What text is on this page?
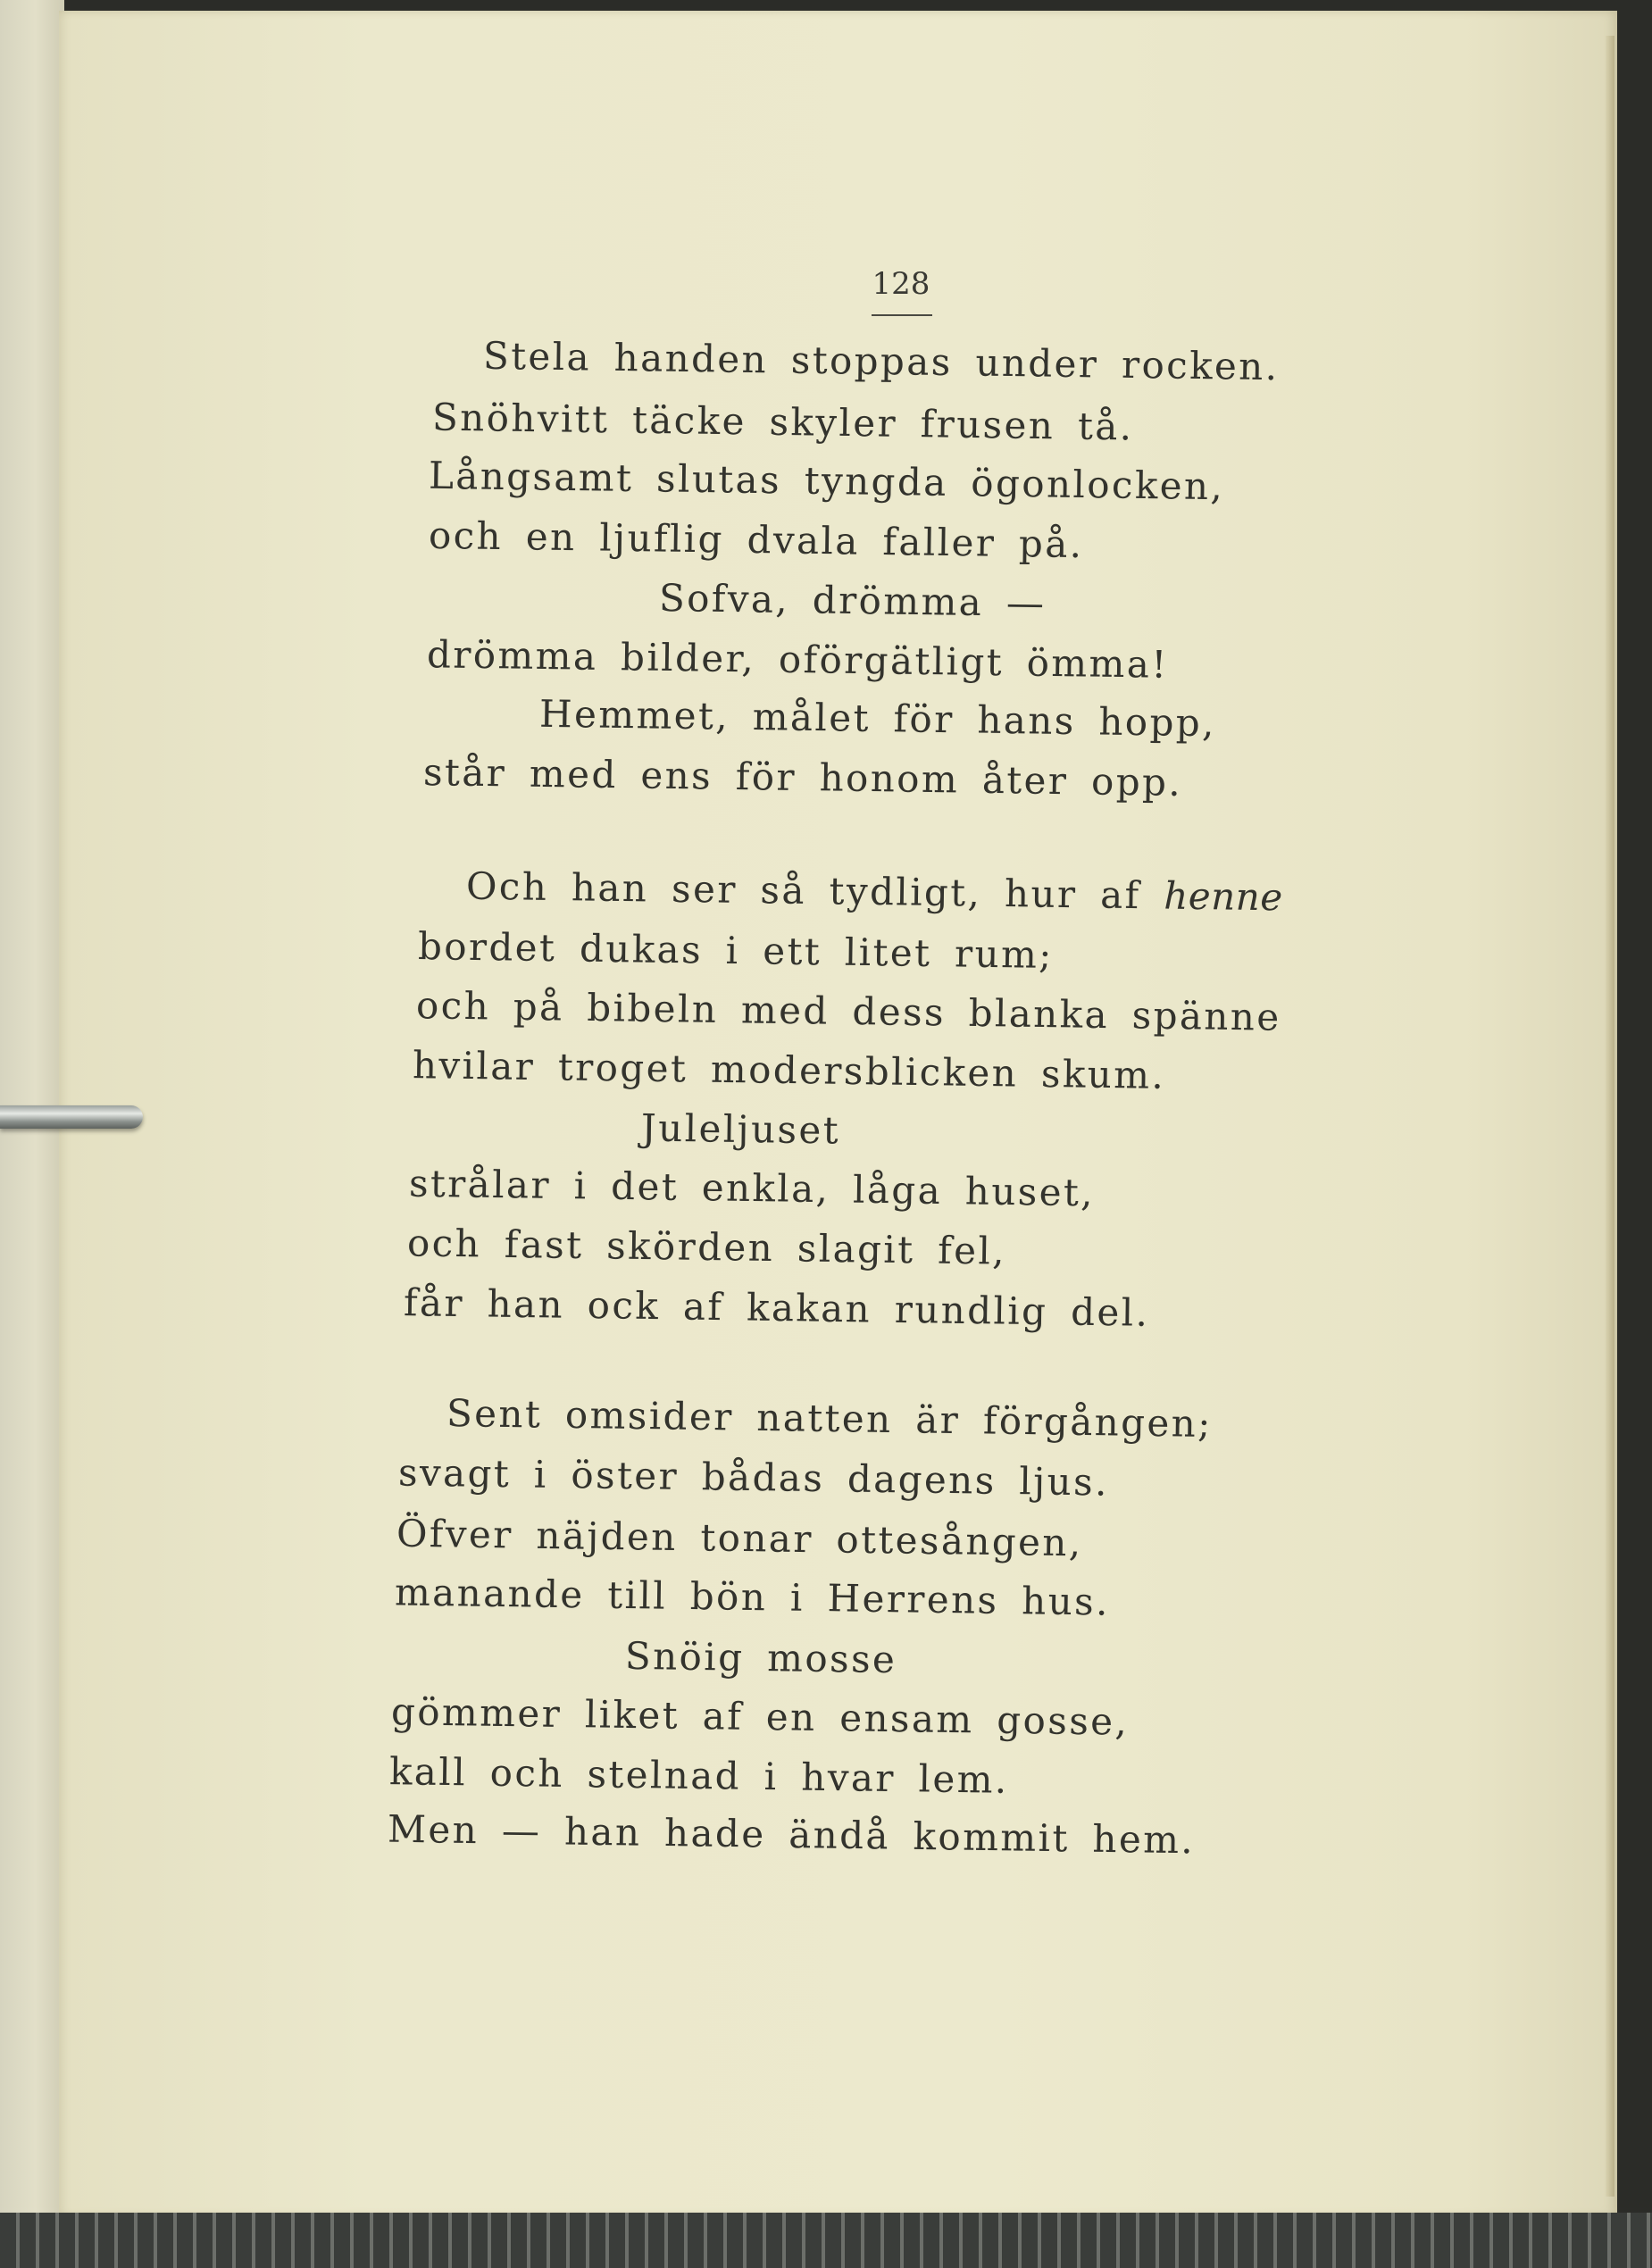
128
Stela handen stoppas under rocken.
Snöhvitt täcke skyler frusen tå.
Långsamt slutas tyngda ögonlocken,
och en ljuflig dvala faller på.
Sofva, drömma —
drömma bilder, oförgätligt ömma!
Hemmet, målet för hans hopp,
står med ens för honom åter opp.
Och han ser så tydligt, hur af henne
bordet dukas i ett litet rum;
och på bibeln med dess blanka spänne
hvilar troget modersblicken skum.
Juleljuset
strålar i det enkla, låga huset,
och fast skörden slagit fel,
får han ock af kakan rundlig del.
Sent omsider natten är förgången;
svagt i öster bådas dagens ljus.
Öfver näjden tonar ottesången,
manande till bön i Herrens hus.
Snöig mosse
gömmer liket af en ensam gosse,
kall och stelnad i hvar lem.
Men — han hade ändå kommit hem.
